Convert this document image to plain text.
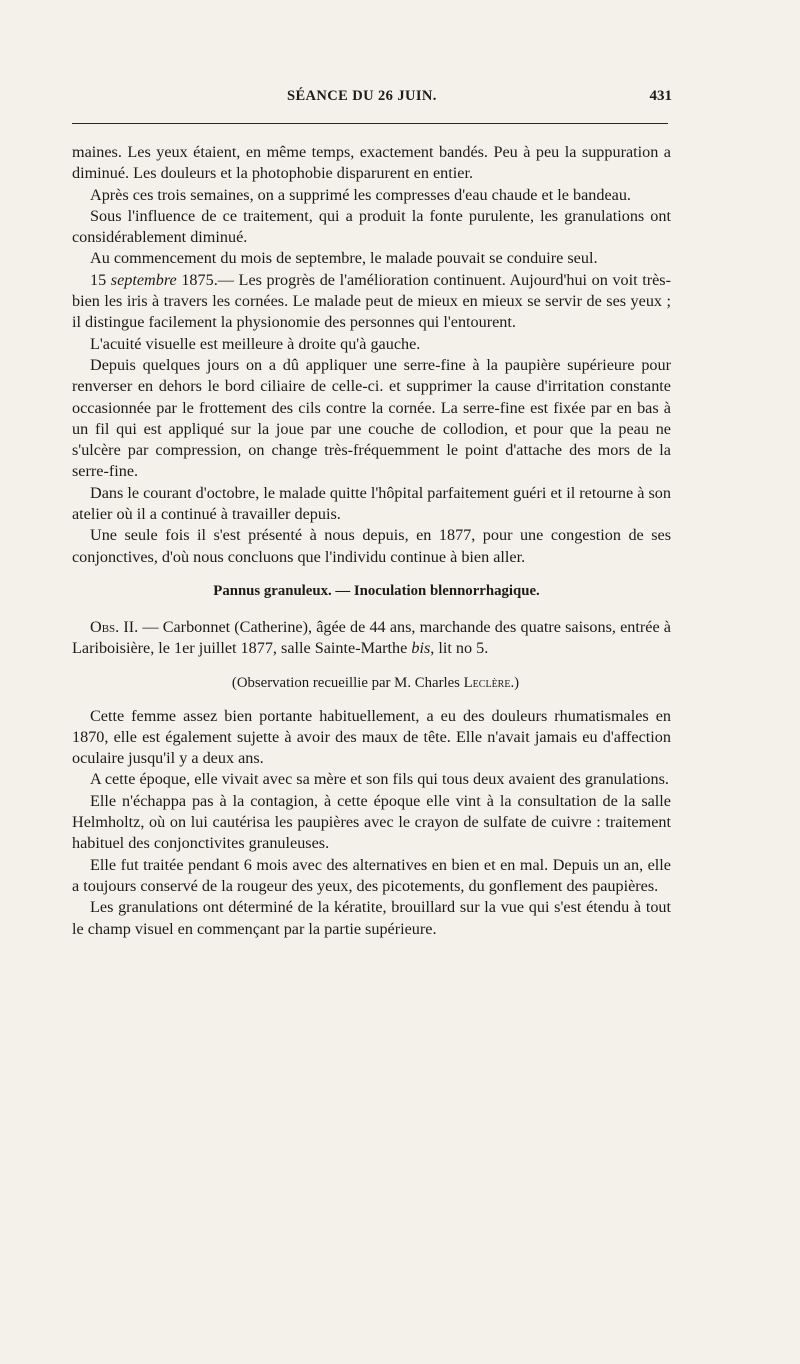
SÉANCE DU 26 JUIN.	431

maines. Les yeux étaient, en même temps, exactement bandés. Peu à peu la suppuration a diminué. Les douleurs et la photophobie disparurent en entier.

Après ces trois semaines, on a supprimé les compresses d'eau chaude et le bandeau.

Sous l'influence de ce traitement, qui a produit la fonte purulente, les granulations ont considérablement diminué.

Au commencement du mois de septembre, le malade pouvait se conduire seul.

15 septembre 1875.— Les progrès de l'amélioration continuent. Aujourd'hui on voit très-bien les iris à travers les cornées. Le malade peut de mieux en mieux se servir de ses yeux ; il distingue facilement la physionomie des personnes qui l'entourent.

L'acuité visuelle est meilleure à droite qu'à gauche.

Depuis quelques jours on a dû appliquer une serre-fine à la paupière supérieure pour renverser en dehors le bord ciliaire de celle-ci. et supprimer la cause d'irritation constante occasionnée par le frottement des cils contre la cornée. La serre-fine est fixée par en bas à un fil qui est appliqué sur la joue par une couche de collodion, et pour que la peau ne s'ulcère par compression, on change très-fréquemment le point d'attache des mors de la serre-fine.

Dans le courant d'octobre, le malade quitte l'hôpital parfaitement guéri et il retourne à son atelier où il a continué à travailler depuis.

Une seule fois il s'est présenté à nous depuis, en 1877, pour une congestion de ses conjonctives, d'où nous concluons que l'individu continue à bien aller.

Pannus granuleux. — Inoculation blennorrhagique.

Obs. II. — Carbonnet (Catherine), âgée de 44 ans, marchande des quatre saisons, entrée à Lariboisière, le 1er juillet 1877, salle Sainte-Marthe bis, lit no 5.

(Observation recueillie par M. Charles Leclère.)

Cette femme assez bien portante habituellement, a eu des douleurs rhumatismales en 1870, elle est également sujette à avoir des maux de tête. Elle n'avait jamais eu d'affection oculaire jusqu'il y a deux ans.

A cette époque, elle vivait avec sa mère et son fils qui tous deux avaient des granulations.

Elle n'échappa pas à la contagion, à cette époque elle vint à la consultation de la salle Helmholtz, où on lui cautérisa les paupières avec le crayon de sulfate de cuivre : traitement habituel des conjonctivites granuleuses.

Elle fut traitée pendant 6 mois avec des alternatives en bien et en mal. Depuis un an, elle a toujours conservé de la rougeur des yeux, des picotements, du gonflement des paupières.

Les granulations ont déterminé de la kératite, brouillard sur la vue qui s'est étendu à tout le champ visuel en commençant par la partie supérieure.
